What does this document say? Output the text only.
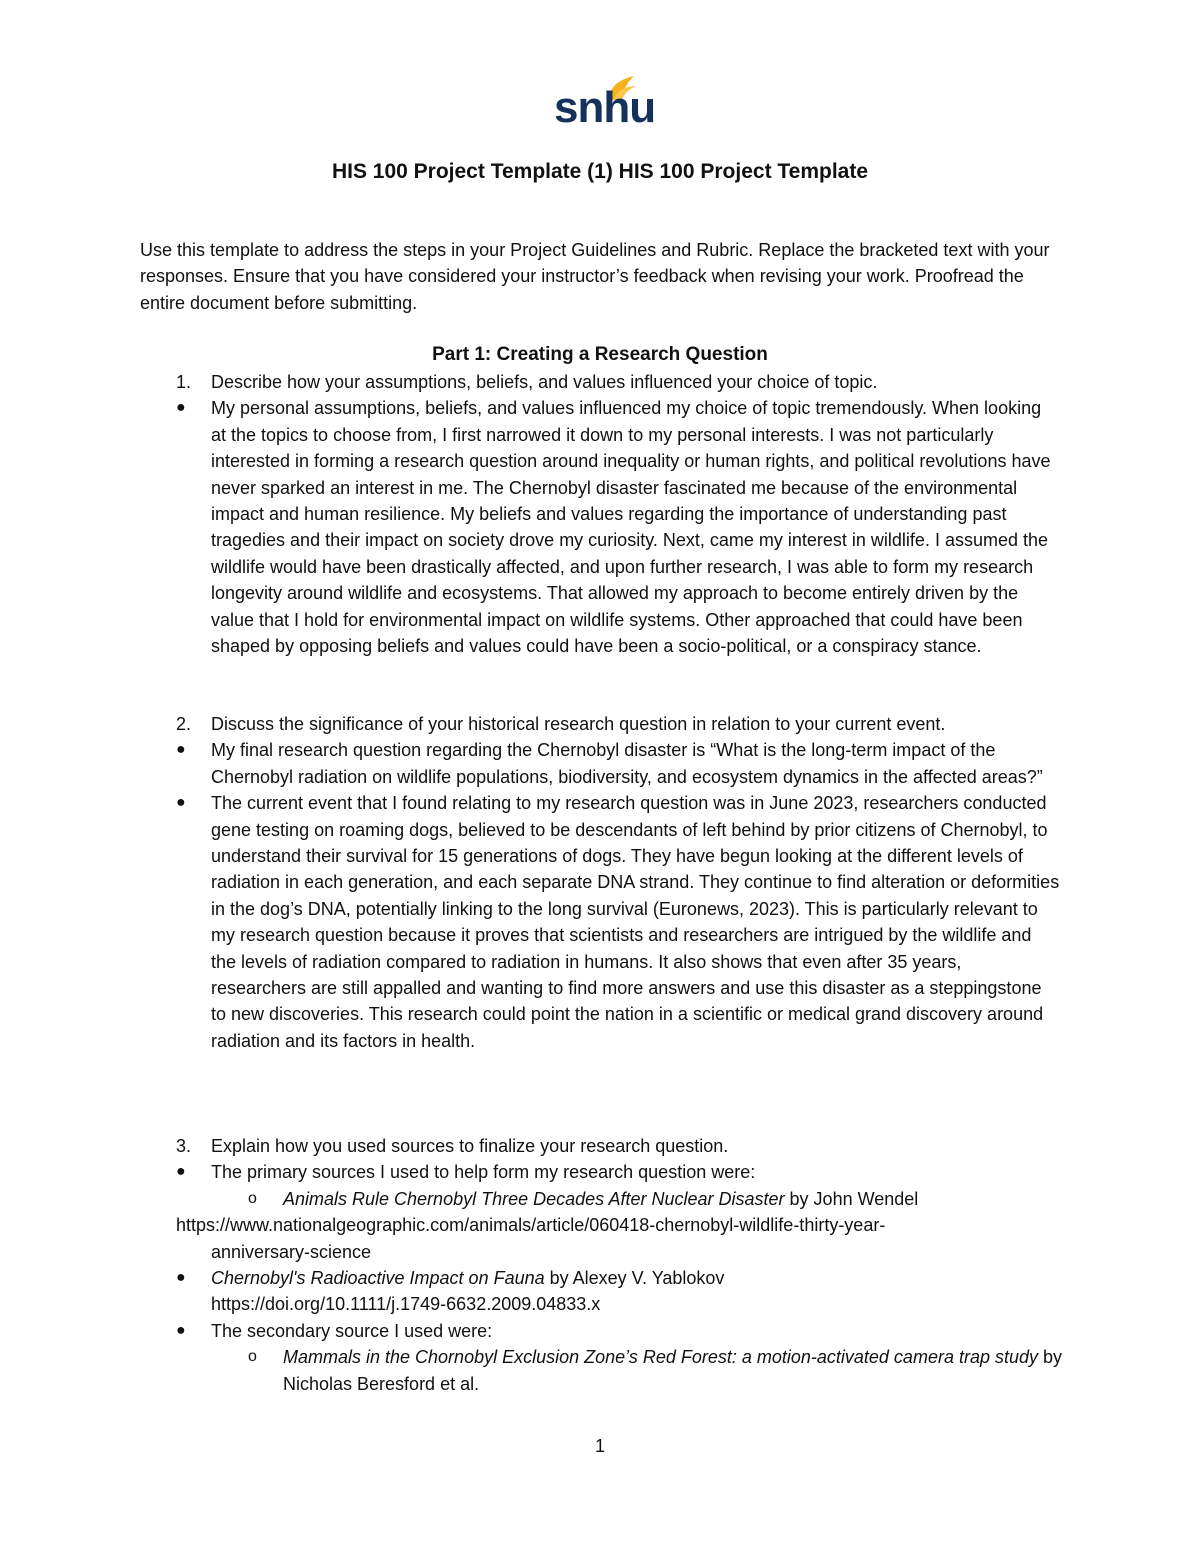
snhu
HIS 100 Project Template (1) HIS 100 Project Template

Use this template to address the steps in your Project Guidelines and Rubric. Replace the bracketed text with your responses. Ensure that you have considered your instructor’s feedback when revising your work. Proofread the entire document before submitting.

Part 1: Creating a Research Question
1. Describe how your assumptions, beliefs, and values influenced your choice of topic.
● My personal assumptions, beliefs, and values influenced my choice of topic tremendously. When looking at the topics to choose from, I first narrowed it down to my personal interests. I was not particularly interested in forming a research question around inequality or human rights, and political revolutions have never sparked an interest in me. The Chernobyl disaster fascinated me because of the environmental impact and human resilience. My beliefs and values regarding the importance of understanding past tragedies and their impact on society drove my curiosity. Next, came my interest in wildlife. I assumed the wildlife would have been drastically affected, and upon further research, I was able to form my research longevity around wildlife and ecosystems. That allowed my approach to become entirely driven by the value that I hold for environmental impact on wildlife systems. Other approached that could have been shaped by opposing beliefs and values could have been a socio-political, or a conspiracy stance.
2. Discuss the significance of your historical research question in relation to your current event.
● My final research question regarding the Chernobyl disaster is “What is the long-term impact of the Chernobyl radiation on wildlife populations, biodiversity, and ecosystem dynamics in the affected areas?”
● The current event that I found relating to my research question was in June 2023, researchers conducted gene testing on roaming dogs, believed to be descendants of left behind by prior citizens of Chernobyl, to understand their survival for 15 generations of dogs. They have begun looking at the different levels of radiation in each generation, and each separate DNA strand. They continue to find alteration or deformities in the dog’s DNA, potentially linking to the long survival (Euronews, 2023). This is particularly relevant to my research question because it proves that scientists and researchers are intrigued by the wildlife and the levels of radiation compared to radiation in humans. It also shows that even after 35 years, researchers are still appalled and wanting to find more answers and use this disaster as a steppingstone to new discoveries. This research could point the nation in a scientific or medical grand discovery around radiation and its factors in health.
3. Explain how you used sources to finalize your research question.
● The primary sources I used to help form my research question were:
o Animals Rule Chernobyl Three Decades After Nuclear Disaster by John Wendel
https://www.nationalgeographic.com/animals/article/060418-chernobyl-wildlife-thirty-year-
anniversary-science
● Chernobyl's Radioactive Impact on Fauna by Alexey V. Yablokov
https://doi.org/10.1111/j.1749-6632.2009.04833.x
● The secondary source I used were:
o Mammals in the Chornobyl Exclusion Zone’s Red Forest: a motion-activated camera trap study by Nicholas Beresford et al.
1
